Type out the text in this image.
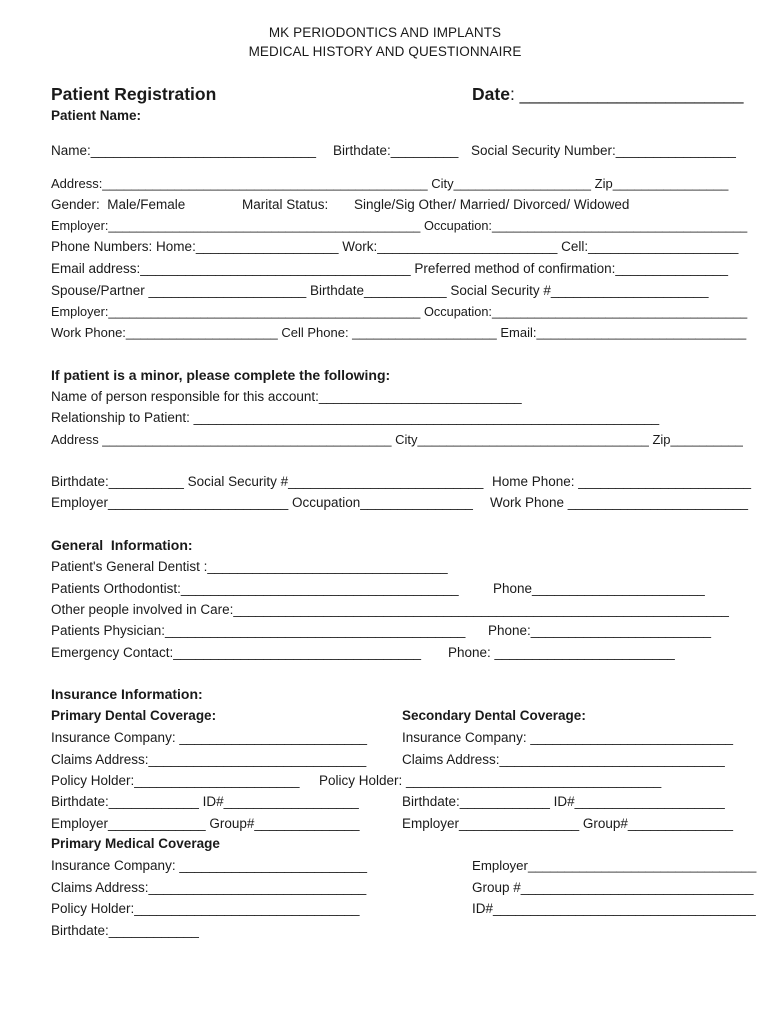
MK PERIODONTICS AND IMPLANTS
MEDICAL HISTORY AND QUESTIONNAIRE
Patient Registration	Date: _______________________
Patient Name:
Name:______________________________ Birthdate:_________ Social Security Number:________________
Address:_____________________________________________ City___________________ Zip________________
Gender:  Male/Female	Marital Status: Single/Sig Other/ Married/ Divorced/ Widowed
Employer:____________________________________________ Occupation:____________________________________
Phone Numbers: Home:___________________ Work:________________________ Cell:____________________
Email address:____________________________________ Preferred method of confirmation:_______________
Spouse/Partner _____________________ Birthdate___________ Social Security #_____________________
Employer:____________________________________________ Occupation:____________________________________
Work Phone:_____________________ Cell Phone: ____________________ Email:_____________________________
If patient is a minor, please complete the following:
Name of person responsible for this account:___________________________
Relationship to Patient: ______________________________________________________________
Address ________________________________________ City________________________________ Zip__________
Birthdate:__________ Social Security #__________________________ Home Phone: _______________________
Employer________________________ Occupation_______________ Work Phone ________________________
General  Information:
Patient's General Dentist :________________________________
Patients Orthodontist:_____________________________________	Phone_______________________
Other people involved in Care:__________________________________________________________________
Patients Physician:________________________________________ Phone:________________________
Emergency Contact:_________________________________ Phone: ________________________
Insurance Information:
Primary Dental Coverage:	Secondary Dental Coverage:
Insurance Company: _________________________	Insurance Company: ___________________________
Claims Address:_____________________________	Claims Address:______________________________
Policy Holder:______________________ Policy Holder: __________________________________
Birthdate:____________ ID#__________________	Birthdate:____________ ID#____________________
Employer_____________ Group#______________	Employer________________ Group#______________
Primary Medical Coverage
Insurance Company: _________________________	Employer_______________________________
Claims Address:_____________________________	Group #_______________________________
Policy Holder:______________________________	ID#___________________________________
Birthdate:____________
